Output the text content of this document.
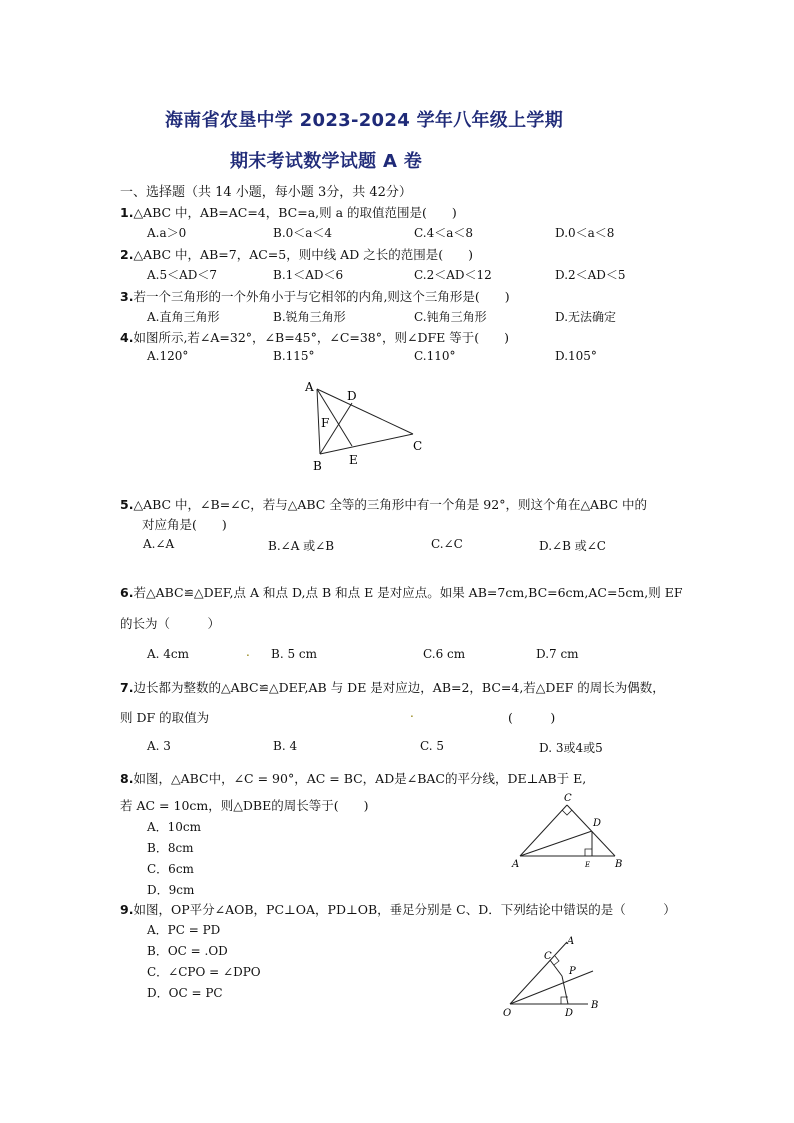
海南省农垦中学 2023-2024 学年八年级上学期
期末考试数学试题 A 卷
一、选择题（共 14 小题，每小题 3分，共 42分）
1.△ABC 中，AB=AC=4，BC=a,则 a 的取值范围是(　　)
A.a＞0	B.0＜a＜4	C.4＜a＜8	D.0＜a＜8
2.△ABC 中，AB=7，AC=5，则中线 AD 之长的范围是(　　)
A.5＜AD＜7	B.1＜AD＜6	C.2＜AD＜12	D.2＜AD＜5
3.若一个三角形的一个外角小于与它相邻的内角,则这个三角形是(　　)
A.直角三角形	B.锐角三角形	C.钝角三角形	D.无法确定
4.如图所示,若∠A=32°，∠B=45°，∠C=38°，则∠DFE 等于(　　)
A.120°	B.115°	C.110°	D.105°
A
D
F
C
B E
5.△ABC 中，∠B=∠C，若与△ABC 全等的三角形中有一个角是 92°，则这个角在△ABC 中的
对应角是(　　)
A.∠A	B.∠A 或∠B	C.∠C	D.∠B 或∠C
6.若△ABC≌△DEF,点 A 和点 D,点 B 和点 E 是对应点。如果 AB=7cm,BC=6cm,AC=5cm,则 EF
的长为（　　　）
A. 4cm	. B. 5 cm	C.6 cm	D.7 cm
7.边长都为整数的△ABC≌△DEF,AB 与 DE 是对应边，AB=2，BC=4,若△DEF 的周长为偶数，
则 DF 的取值为	.	(　　　)
A. 3	B. 4	C. 5	D. 3或4或5
8.如图，△ABC中，∠C = 90°，AC = BC，AD是∠BAC的平分线，DE⊥AB于 E,
若 AC = 10cm，则△DBE的周长等于(　　)
A．10cm
B．8cm
C．6cm
D．9cm
C
D
A	E B
9.如图，OP平分∠AOB，PC⊥OA，PD⊥OB，垂足分别是 C、D．下列结论中错误的是（　　　）
A．PC = PD
B．OC = .OD
C．∠CPO = ∠DPO
D．OC = PC
A
C
P
O	D
B
